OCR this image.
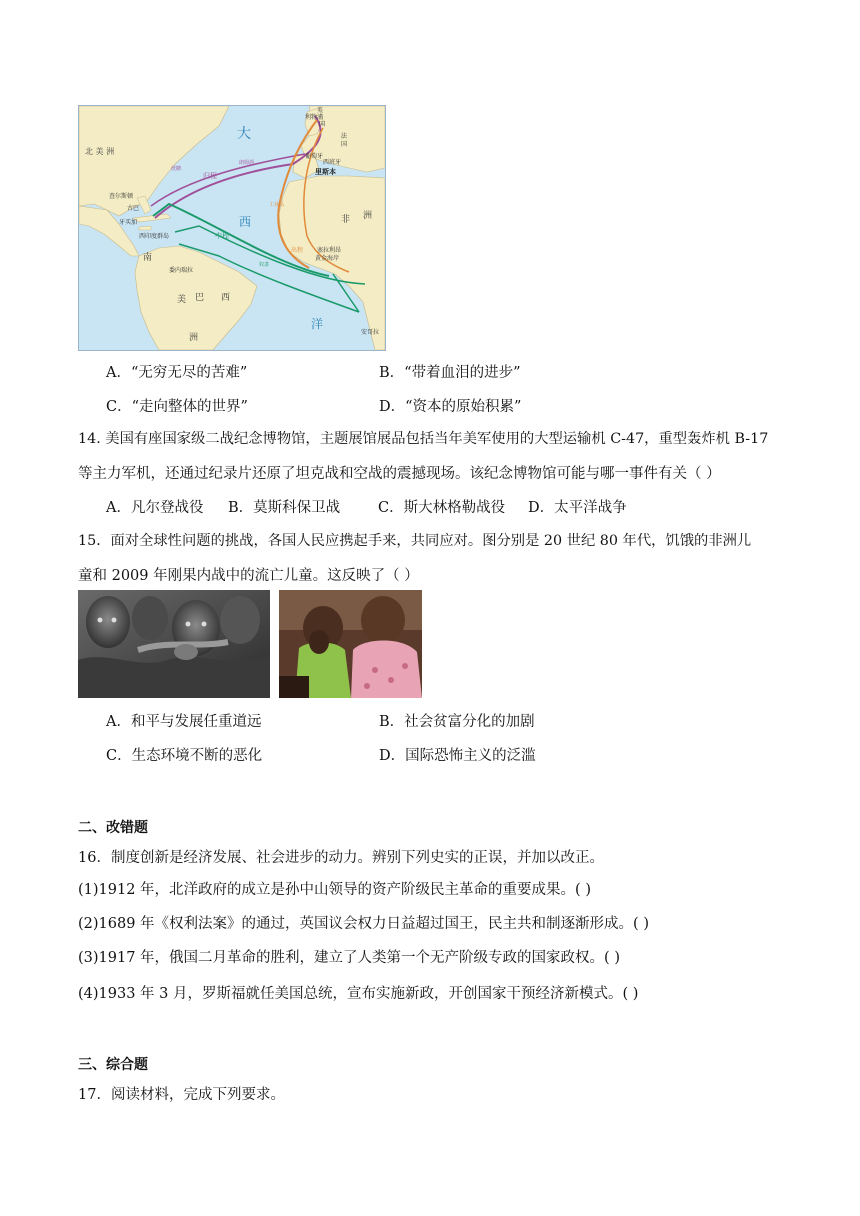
大
西
洋
北 美 洲
非 洲
南
美 巴 西
洲
查尔斯顿
古巴
牙买加
西印度群岛
委内瑞拉
英
利物浦
国
法
国
葡萄牙
西班牙
里斯本
塞拉利昂
黄金海岸
安哥拉
归程
中程
出程
蔗糖
朗姆酒
工业品
奴隶
A．“无穷无尽的苦难”	B．“带着血泪的进步”
C．“走向整体的世界”	D．“资本的原始积累”
14. 美国有座国家级二战纪念博物馆，主题展馆展品包括当年美军使用的大型运输机 C-47，重型轰炸机 B-17
等主力军机，还通过纪录片还原了坦克战和空战的震撼现场。该纪念博物馆可能与哪一事件有关（ ）
A．凡尔登战役 B．莫斯科保卫战	C．斯大林格勒战役 D．太平洋战争
15．面对全球性问题的挑战，各国人民应携起手来，共同应对。图分别是 20 世纪 80 年代，饥饿的非洲儿
童和 2009 年刚果内战中的流亡儿童。这反映了（ ）
A．和平与发展任重道远	B．社会贫富分化的加剧
C．生态环境不断的恶化	D．国际恐怖主义的泛滥
二、改错题
16．制度创新是经济发展、社会进步的动力。辨别下列史实的正误，并加以改正。
(1)1912 年，北洋政府的成立是孙中山领导的资产阶级民主革命的重要成果。( )
(2)1689 年《权利法案》的通过，英国议会权力日益超过国王，民主共和制逐渐形成。( )
(3)1917 年，俄国二月革命的胜利，建立了人类第一个无产阶级专政的国家政权。( )
(4)1933 年 3 月，罗斯福就任美国总统，宣布实施新政，开创国家干预经济新模式。( )
三、综合题
17．阅读材料，完成下列要求。
